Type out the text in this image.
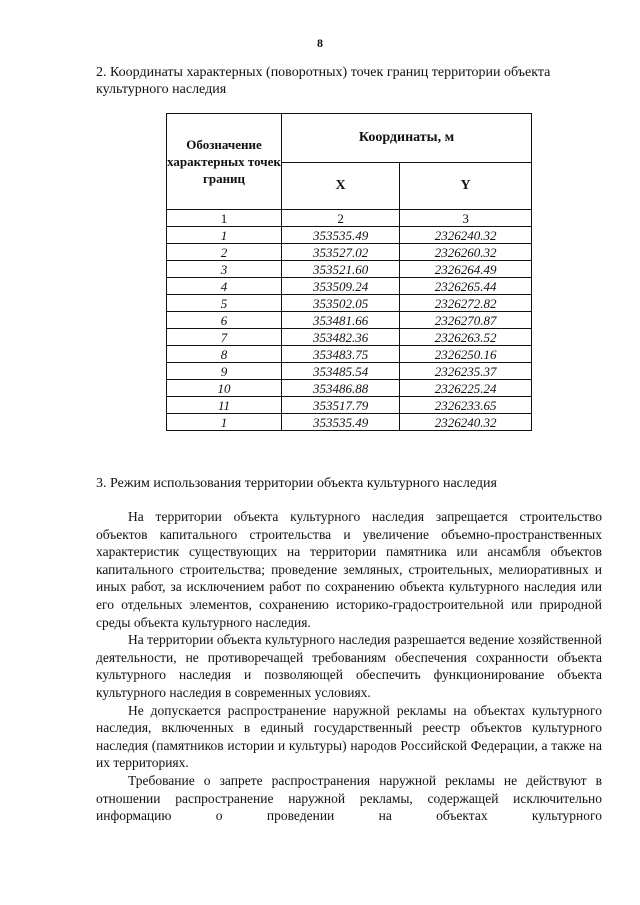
8
2. Координаты характерных (поворотных) точек границ территории объекта культурного наследия
Обозначение характерных точек границ	Координаты, м	
	X	Y
1	2	3
1	353535.49	2326240.32
2	353527.02	2326260.32
3	353521.60	2326264.49
4	353509.24	2326265.44
5	353502.05	2326272.82
6	353481.66	2326270.87
7	353482.36	2326263.52
8	353483.75	2326250.16
9	353485.54	2326235.37
10	353486.88	2326225.24
11	353517.79	2326233.65
1	353535.49	2326240.32
3. Режим использования территории объекта культурного наследия

На территории объекта культурного наследия запрещается строительство объектов капитального строительства и увеличение объемно-пространственных характеристик существующих на территории памятника или ансамбля объектов капитального строительства; проведение земляных, строительных, мелиоративных и иных работ, за исключением работ по сохранению объекта культурного наследия или его отдельных элементов, сохранению историко-градостроительной или природной среды объекта культурного наследия.

На территории объекта культурного наследия разрешается ведение хозяйственной деятельности, не противоречащей требованиям обеспечения сохранности объекта культурного наследия и позволяющей обеспечить функционирование объекта культурного наследия в современных условиях.

Не допускается распространение наружной рекламы на объектах культурного наследия, включенных в единый государственный реестр объектов культурного наследия (памятников истории и культуры) народов Российской Федерации, а также на их территориях.

Требование о запрете распространения наружной рекламы не действуют в отношении распространение наружной рекламы, содержащей исключительно информацию о проведении на объектах культурного
